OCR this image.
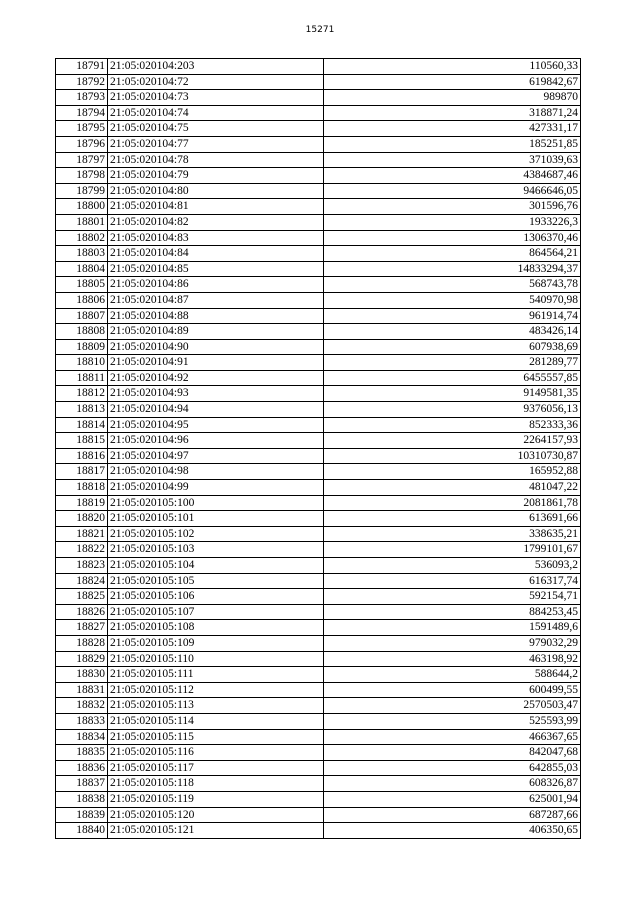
15271
18791	21:05:020104:203	110560,33
18792	21:05:020104:72	619842,67
18793	21:05:020104:73	989870
18794	21:05:020104:74	318871,24
18795	21:05:020104:75	427331,17
18796	21:05:020104:77	185251,85
18797	21:05:020104:78	371039,63
18798	21:05:020104:79	4384687,46
18799	21:05:020104:80	9466646,05
18800	21:05:020104:81	301596,76
18801	21:05:020104:82	1933226,3
18802	21:05:020104:83	1306370,46
18803	21:05:020104:84	864564,21
18804	21:05:020104:85	14833294,37
18805	21:05:020104:86	568743,78
18806	21:05:020104:87	540970,98
18807	21:05:020104:88	961914,74
18808	21:05:020104:89	483426,14
18809	21:05:020104:90	607938,69
18810	21:05:020104:91	281289,77
18811	21:05:020104:92	6455557,85
18812	21:05:020104:93	9149581,35
18813	21:05:020104:94	9376056,13
18814	21:05:020104:95	852333,36
18815	21:05:020104:96	2264157,93
18816	21:05:020104:97	10310730,87
18817	21:05:020104:98	165952,88
18818	21:05:020104:99	481047,22
18819	21:05:020105:100	2081861,78
18820	21:05:020105:101	613691,66
18821	21:05:020105:102	338635,21
18822	21:05:020105:103	1799101,67
18823	21:05:020105:104	536093,2
18824	21:05:020105:105	616317,74
18825	21:05:020105:106	592154,71
18826	21:05:020105:107	884253,45
18827	21:05:020105:108	1591489,6
18828	21:05:020105:109	979032,29
18829	21:05:020105:110	463198,92
18830	21:05:020105:111	588644,2
18831	21:05:020105:112	600499,55
18832	21:05:020105:113	2570503,47
18833	21:05:020105:114	525593,99
18834	21:05:020105:115	466367,65
18835	21:05:020105:116	842047,68
18836	21:05:020105:117	642855,03
18837	21:05:020105:118	608326,87
18838	21:05:020105:119	625001,94
18839	21:05:020105:120	687287,66
18840	21:05:020105:121	406350,65
